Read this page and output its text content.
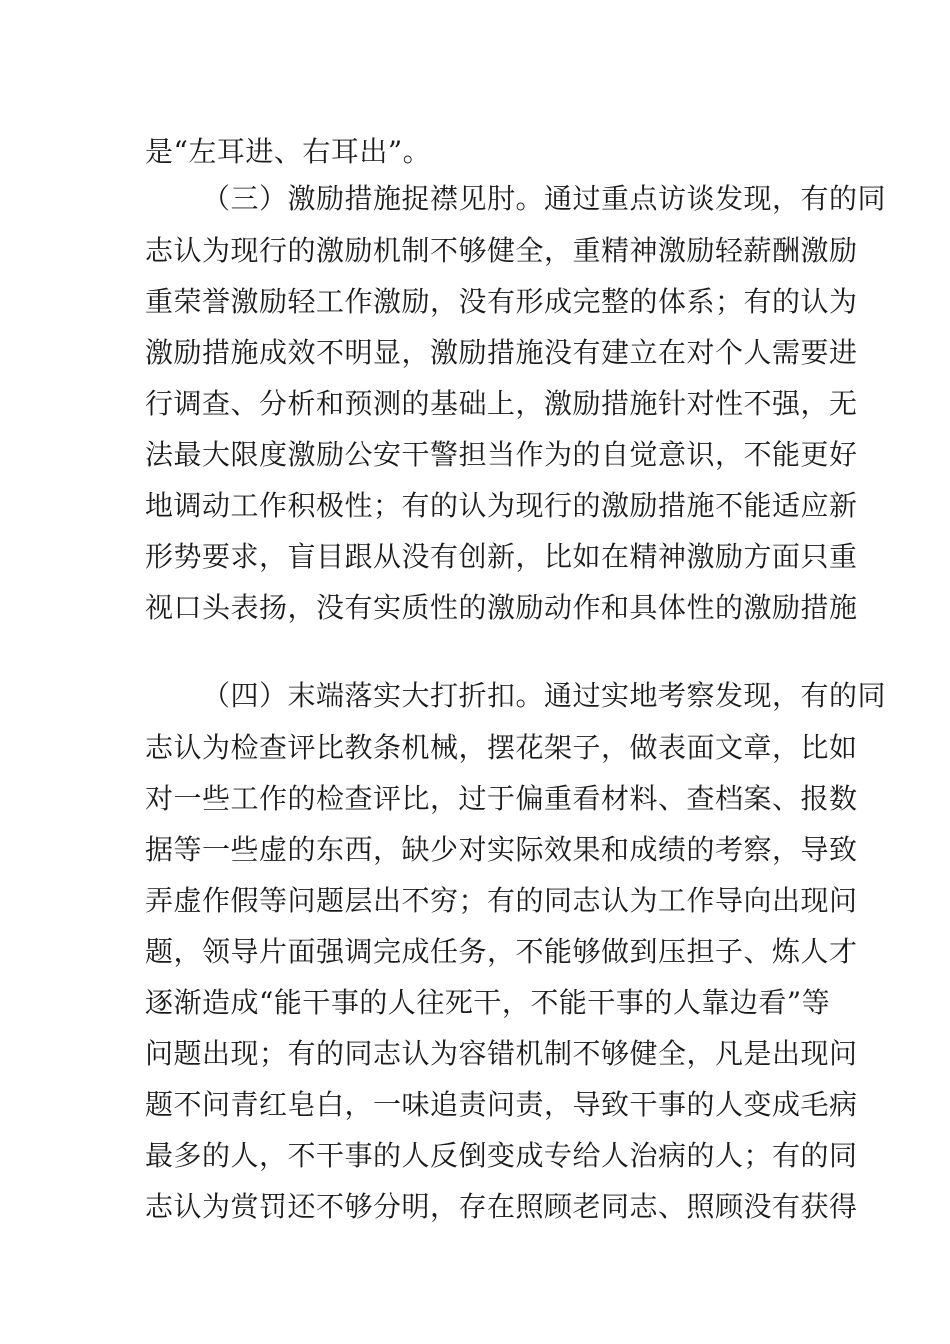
是“左耳进、右耳出”。
（三）激励措施捉襟见肘。通过重点访谈发现，有的同
志认为现行的激励机制不够健全，重精神激励轻薪酬激励
重荣誉激励轻工作激励，没有形成完整的体系；有的认为
激励措施成效不明显，激励措施没有建立在对个人需要进
行调查、分析和预测的基础上，激励措施针对性不强，无
法最大限度激励公安干警担当作为的自觉意识，不能更好
地调动工作积极性；有的认为现行的激励措施不能适应新
形势要求，盲目跟从没有创新，比如在精神激励方面只重
视口头表扬，没有实质性的激励动作和具体性的激励措施
（四）末端落实大打折扣。通过实地考察发现，有的同
志认为检查评比教条机械，摆花架子，做表面文章，比如
对一些工作的检查评比，过于偏重看材料、查档案、报数
据等一些虚的东西，缺少对实际效果和成绩的考察，导致
弄虚作假等问题层出不穷；有的同志认为工作导向出现问
题，领导片面强调完成任务，不能够做到压担子、炼人才
逐渐造成“能干事的人往死干，不能干事的人靠边看”等
问题出现；有的同志认为容错机制不够健全，凡是出现问
题不问青红皂白，一味追责问责，导致干事的人变成毛病
最多的人，不干事的人反倒变成专给人治病的人；有的同
志认为赏罚还不够分明，存在照顾老同志、照顾没有获得
